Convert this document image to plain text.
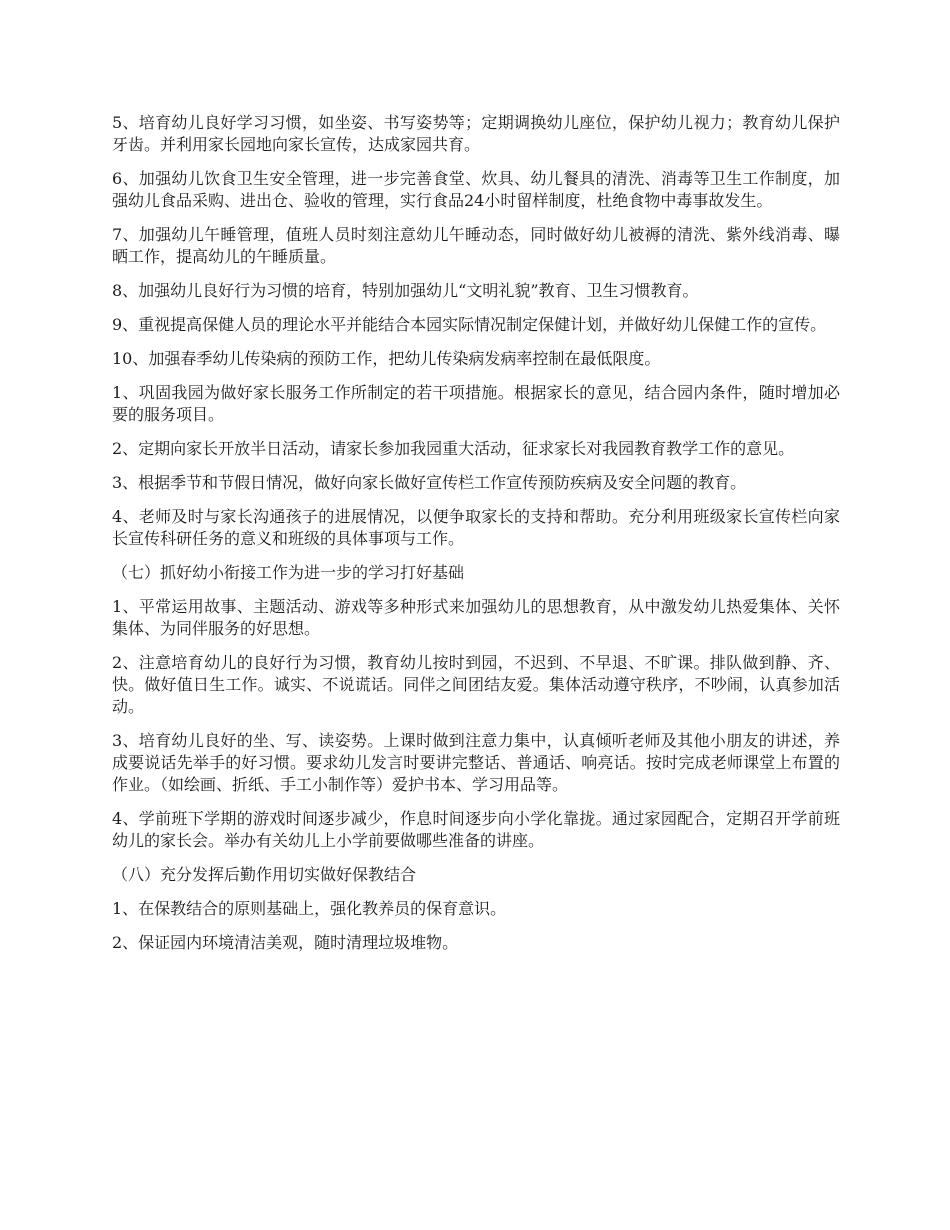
5、培育幼儿良好学习习惯，如坐姿、书写姿势等；定期调换幼儿座位，保护幼儿视力；教育幼儿保护牙齿。并利用家长园地向家长宣传，达成家园共育。

6、加强幼儿饮食卫生安全管理，进一步完善食堂、炊具、幼儿餐具的清洗、消毒等卫生工作制度，加强幼儿食品采购、进出仓、验收的管理，实行食品24小时留样制度，杜绝食物中毒事故发生。

7、加强幼儿午睡管理，值班人员时刻注意幼儿午睡动态，同时做好幼儿被褥的清洗、紫外线消毒、曝晒工作，提高幼儿的午睡质量。

8、加强幼儿良好行为习惯的培育，特别加强幼儿“文明礼貌”教育、卫生习惯教育。

9、重视提高保健人员的理论水平并能结合本园实际情况制定保健计划，并做好幼儿保健工作的宣传。

10、加强春季幼儿传染病的预防工作，把幼儿传染病发病率控制在最低限度。

1、巩固我园为做好家长服务工作所制定的若干项措施。根据家长的意见，结合园内条件，随时增加必要的服务项目。

2、定期向家长开放半日活动，请家长参加我园重大活动，征求家长对我园教育教学工作的意见。

3、根据季节和节假日情况，做好向家长做好宣传栏工作宣传预防疾病及安全问题的教育。

4、老师及时与家长沟通孩子的进展情况，以便争取家长的支持和帮助。充分利用班级家长宣传栏向家长宣传科研任务的意义和班级的具体事项与工作。

（七）抓好幼小衔接工作为进一步的学习打好基础

1、平常运用故事、主题活动、游戏等多种形式来加强幼儿的思想教育，从中激发幼儿热爱集体、关怀集体、为同伴服务的好思想。

2、注意培育幼儿的良好行为习惯，教育幼儿按时到园，不迟到、不早退、不旷课。排队做到静、齐、快。做好值日生工作。诚实、不说谎话。同伴之间团结友爱。集体活动遵守秩序，不吵闹，认真参加活动。

3、培育幼儿良好的坐、写、读姿势。上课时做到注意力集中，认真倾听老师及其他小朋友的讲述，养成要说话先举手的好习惯。要求幼儿发言时要讲完整话、普通话、响亮话。按时完成老师课堂上布置的作业。（如绘画、折纸、手工小制作等）爱护书本、学习用品等。

4、学前班下学期的游戏时间逐步减少，作息时间逐步向小学化靠拢。通过家园配合，定期召开学前班幼儿的家长会。举办有关幼儿上小学前要做哪些准备的讲座。

（八）充分发挥后勤作用切实做好保教结合

1、在保教结合的原则基础上，强化教养员的保育意识。

2、保证园内环境清洁美观，随时清理垃圾堆物。
